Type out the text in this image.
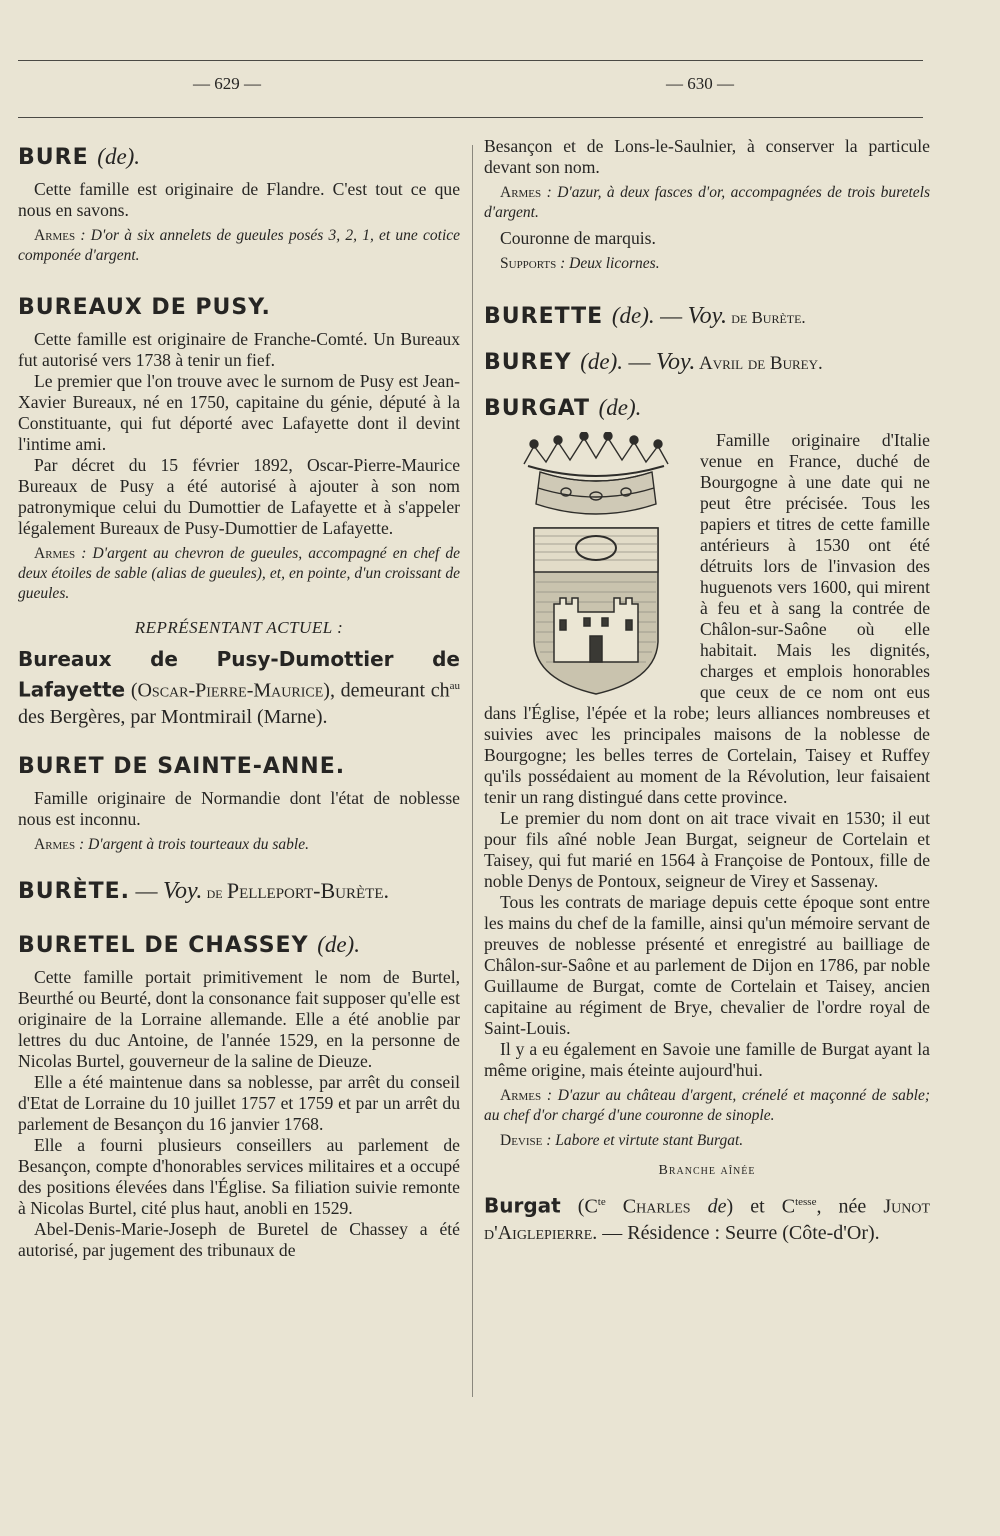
— 629 —	— 630 —
BURE (de).

Cette famille est originaire de Flandre. C'est tout ce que nous en savons.

Armes : D'or à six annelets de gueules posés 3, 2, 1, et une cotice componée d'argent.
BUREAUX DE PUSY.

Cette famille est originaire de Franche-Comté. Un Bureaux fut autorisé vers 1738 à tenir un fief.

Le premier que l'on trouve avec le surnom de Pusy est Jean-Xavier Bureaux, né en 1750, capitaine du génie, député à la Constituante, qui fut déporté avec Lafayette dont il devint l'intime ami.

Par décret du 15 février 1892, Oscar-Pierre-Maurice Bureaux de Pusy a été autorisé à ajouter à son nom patronymique celui du Dumottier de Lafayette et à s'appeler légalement Bureaux de Pusy-Dumottier de Lafayette.

Armes : D'argent au chevron de gueules, accompagné en chef de deux étoiles de sable (alias de gueules), et, en pointe, d'un croissant de gueules.
REPRÉSENTANT ACTUEL :
Bureaux de Pusy-Dumottier de Lafayette (Oscar-Pierre-Maurice), demeurant $ch^{au}$ des Bergères, par Montmirail (Marne).
BURET DE SAINTE-ANNE.

Famille originaire de Normandie dont l'état de noblesse nous est inconnu.

Armes : D'argent à trois tourteaux du sable.
BURÈTE. — Voy. de Pelleport-Burète.
BURETEL DE CHASSEY (de).

Cette famille portait primitivement le nom de Burtel, Beurthé ou Beurté, dont la consonance fait supposer qu'elle est originaire de la Lorraine allemande. Elle a été anoblie par lettres du duc Antoine, de l'année 1529, en la personne de Nicolas Burtel, gouverneur de la saline de Dieuze.

Elle a été maintenue dans sa noblesse, par arrêt du conseil d'Etat de Lorraine du 10 juillet 1757 et 1759 et par un arrêt du parlement de Besançon du 16 janvier 1768.

Elle a fourni plusieurs conseillers au parlement de Besançon, compte d'honorables services militaires et a occupé des positions élevées dans l'Église. Sa filiation suivie remonte à Nicolas Burtel, cité plus haut, anobli en 1529.

Abel-Denis-Marie-Joseph de Buretel de Chassey a été autorisé, par jugement des tribunaux de

Besançon et de Lons-le-Saulnier, à conserver la particule devant son nom.

Armes : D'azur, à deux fasces d'or, accompagnées de trois buretels d'argent.

Couronne de marquis.

Supports : Deux licornes.
BURETTE (de). — Voy. de Burète.
BUREY (de). — Voy. Avril de Burey.
BURGAT (de).

Famille originaire d'Italie venue en France, duché de Bourgogne à une date qui ne peut être précisée. Tous les papiers et titres de cette famille antérieurs à 1530 ont été détruits lors de l'invasion des huguenots vers 1600, qui mirent à feu et à sang la contrée de Châlon-sur-Saône où elle habitait. Mais les dignités, charges et emplois honorables que ceux de ce nom ont eus dans l'Église, l'épée et la robe; leurs alliances nombreuses et suivies avec les principales maisons de la noblesse de Bourgogne; les belles terres de Cortelain, Taisey et Ruffey qu'ils possédaient au moment de la Révolution, leur faisaient tenir un rang distingué dans cette province.

Le premier du nom dont on ait trace vivait en 1530; il eut pour fils aîné noble Jean Burgat, seigneur de Cortelain et Taisey, qui fut marié en 1564 à Françoise de Pontoux, fille de noble Denys de Pontoux, seigneur de Virey et Sassenay.

Tous les contrats de mariage depuis cette époque sont entre les mains du chef de la famille, ainsi qu'un mémoire servant de preuves de noblesse présenté et enregistré au bailliage de Châlon-sur-Saône et au parlement de Dijon en 1786, par noble Guillaume de Burgat, comte de Cortelain et Taisey, ancien capitaine au régiment de Brye, chevalier de l'ordre royal de Saint-Louis.

Il y a eu également en Savoie une famille de Burgat ayant la même origine, mais éteinte aujourd'hui.

Armes : D'azur au château d'argent, crénelé et maçonné de sable; au chef d'or chargé d'une couronne de sinople.
Devise : Labore et virtute stant Burgat.
Branche aînée
Burgat ($C^{te}$ Charles de) et $C^{tesse}$, née Junot d'Aiglepierre. — Résidence : Seurre (Côte-d'Or).
